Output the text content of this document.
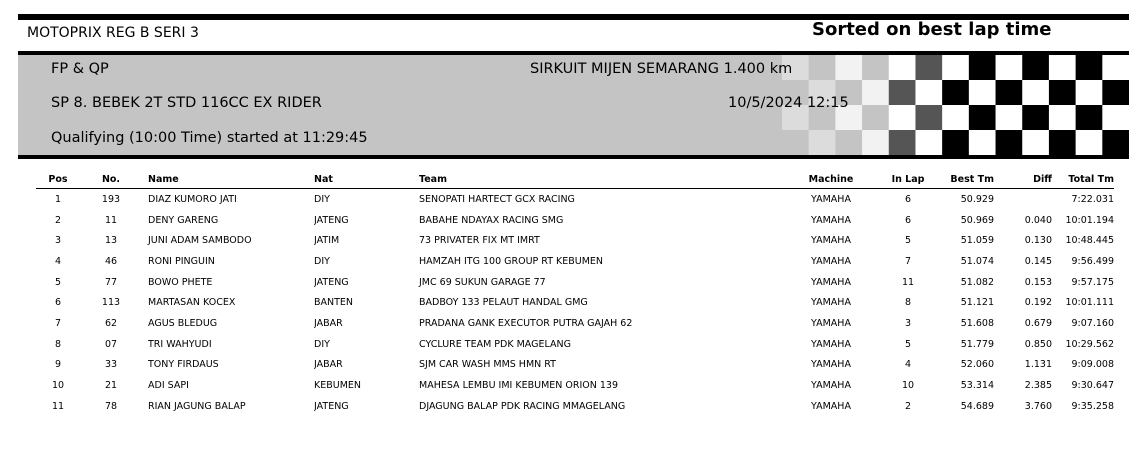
MOTOPRIX REG B SERI 3	Sorted on best lap time
FP & QP	SIRKUIT MIJEN SEMARANG 1.400 km
SP 8. BEBEK 2T STD 116CC EX RIDER	10/5/2024 12:15
Qualifying (10:00 Time) started at 11:29:45
Pos	No.	Name	Nat	Team	Machine	In Lap	Best Tm	Diff	Total Tm
1	193	DIAZ KUMORO JATI	DIY	SENOPATI HARTECT GCX RACING	YAMAHA	6	50.929		7:22.031
2	11	DENY GARENG	JATENG	BABAHE NDAYAX RACING SMG	YAMAHA	6	50.969	0.040	10:01.194
3	13	JUNI ADAM SAMBODO	JATIM	73 PRIVATER FIX MT IMRT	YAMAHA	5	51.059	0.130	10:48.445
4	46	RONI PINGUIN	DIY	HAMZAH ITG 100 GROUP RT KEBUMEN	YAMAHA	7	51.074	0.145	9:56.499
5	77	BOWO PHETE	JATENG	JMC 69 SUKUN GARAGE 77	YAMAHA	11	51.082	0.153	9:57.175
6	113	MARTASAN KOCEX	BANTEN	BADBOY 133 PELAUT HANDAL GMG	YAMAHA	8	51.121	0.192	10:01.111
7	62	AGUS BLEDUG	JABAR	PRADANA GANK EXECUTOR PUTRA GAJAH 62	YAMAHA	3	51.608	0.679	9:07.160
8	07	TRI WAHYUDI	DIY	CYCLURE TEAM PDK MAGELANG	YAMAHA	5	51.779	0.850	10:29.562
9	33	TONY FIRDAUS	JABAR	SJM CAR WASH MMS HMN RT	YAMAHA	4	52.060	1.131	9:09.008
10	21	ADI SAPI	KEBUMEN	MAHESA LEMBU IMI KEBUMEN ORION 139	YAMAHA	10	53.314	2.385	9:30.647
11	78	RIAN JAGUNG BALAP	JATENG	DJAGUNG BALAP PDK RACING MMAGELANG	YAMAHA	2	54.689	3.760	9:35.258
